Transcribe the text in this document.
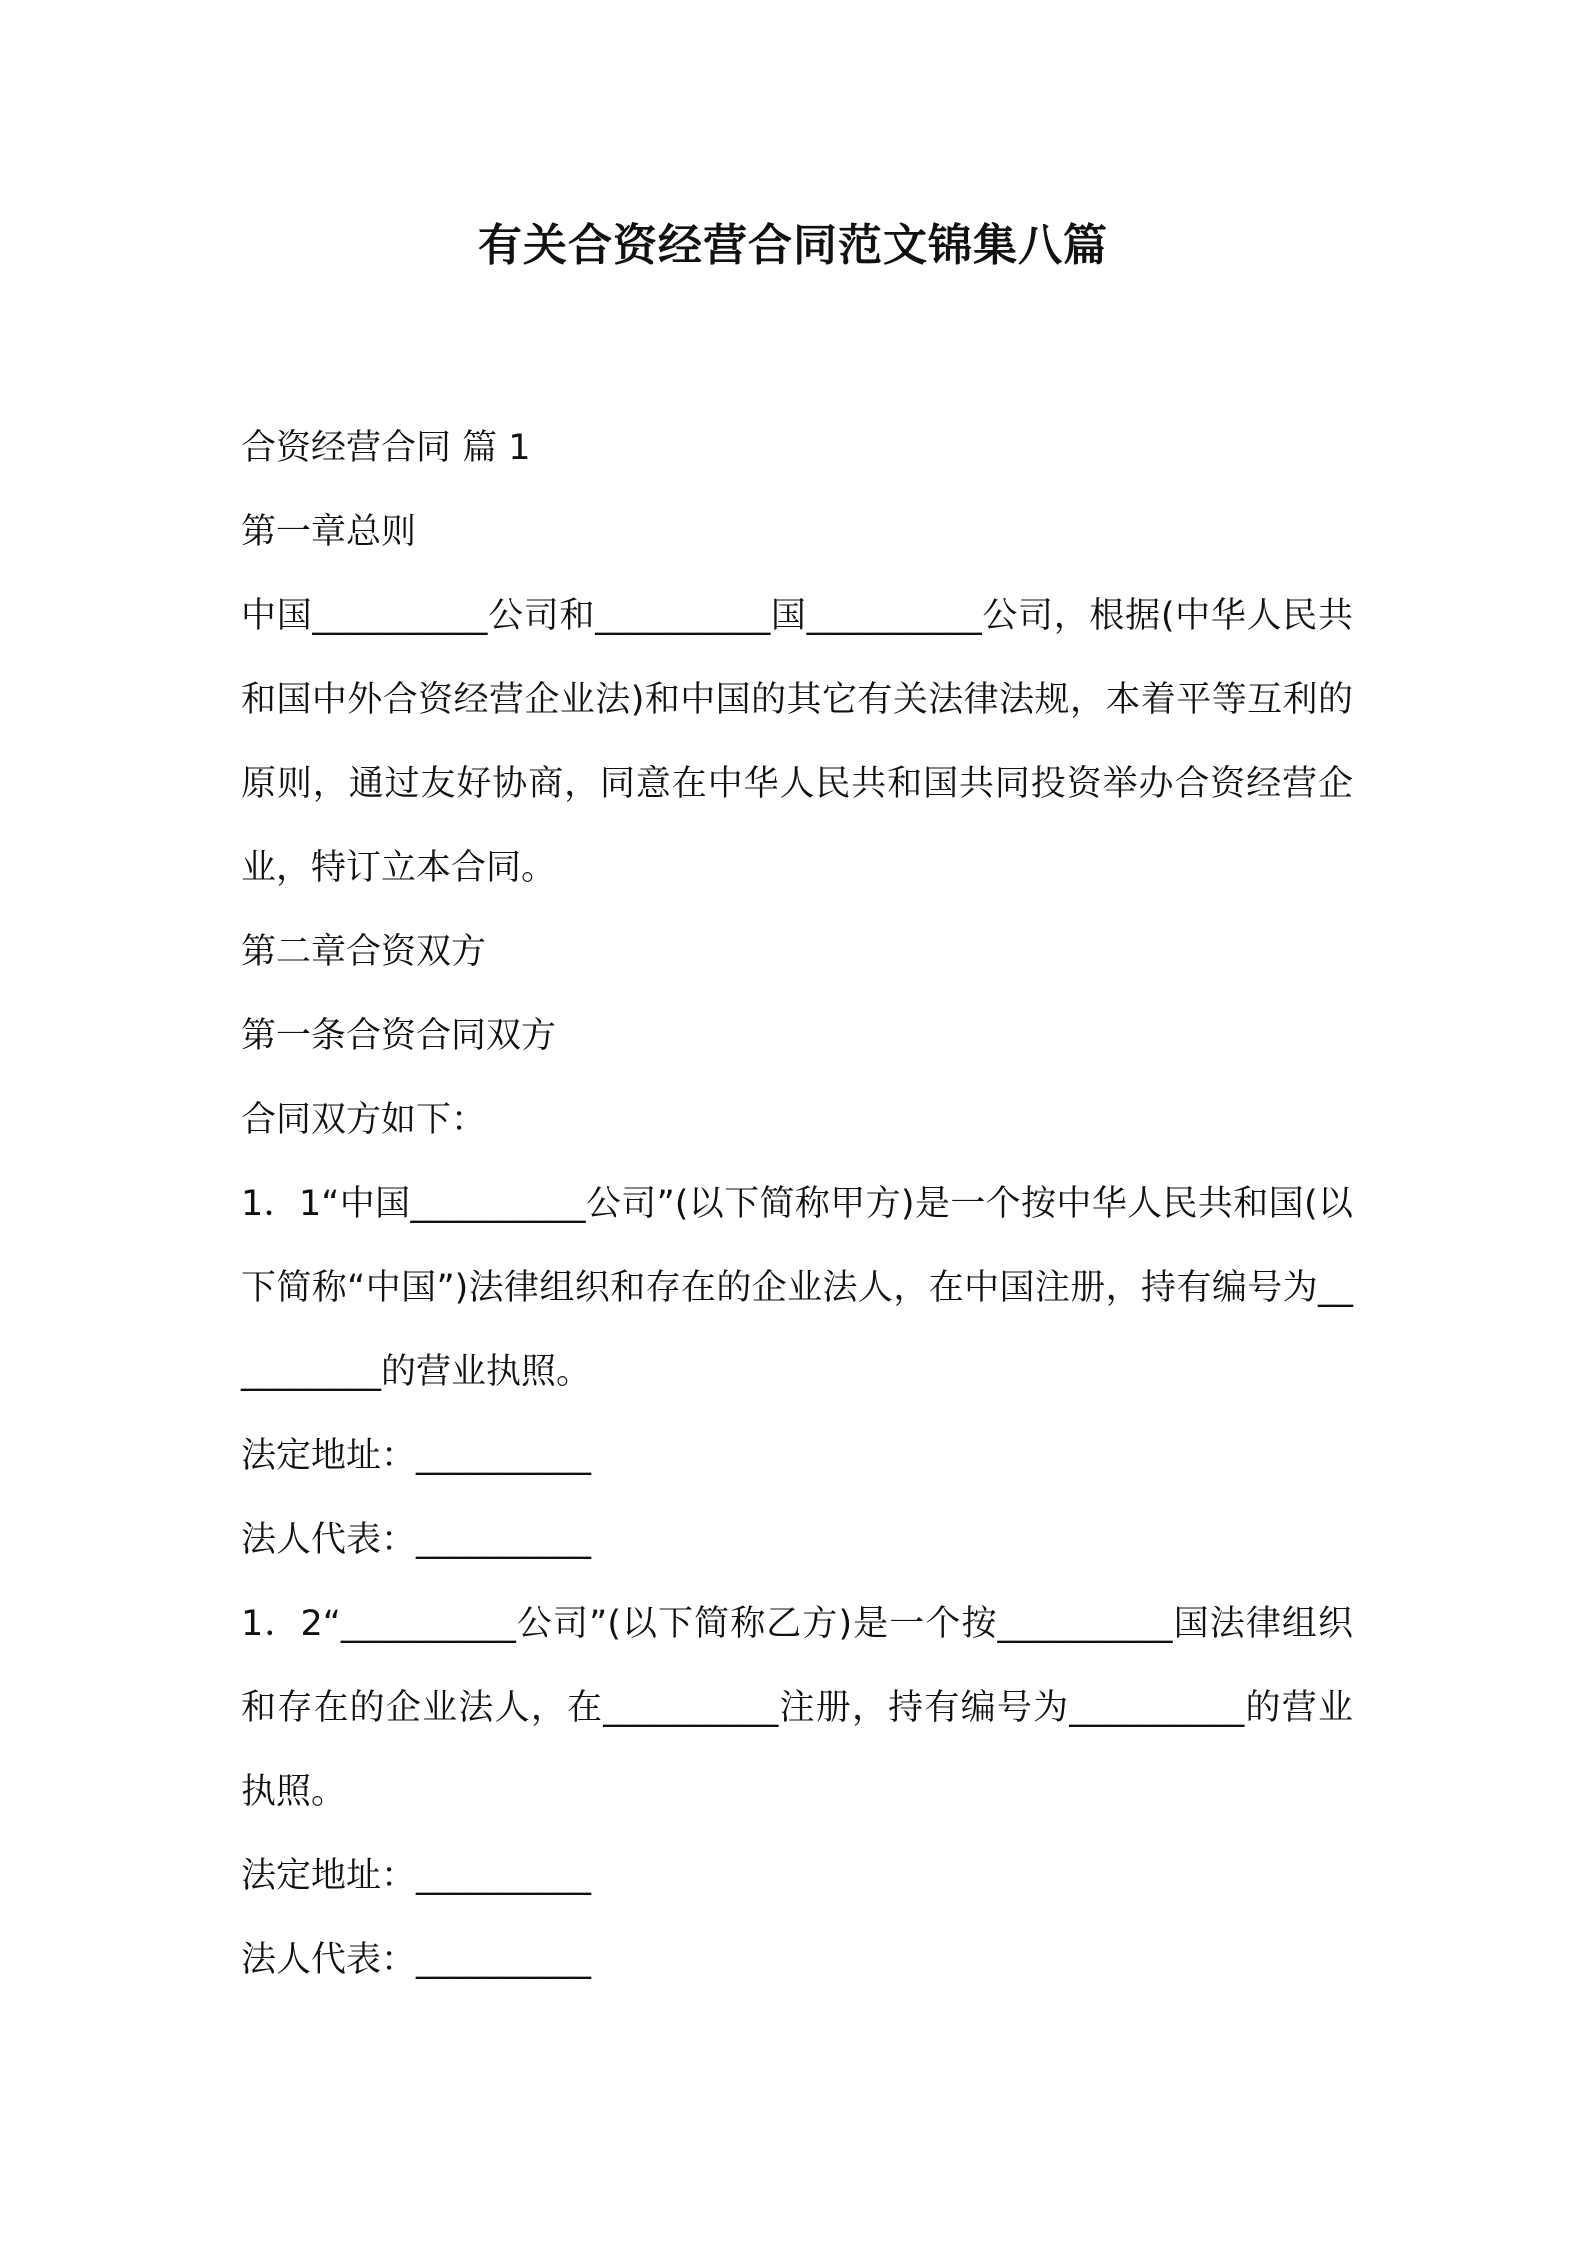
有关合资经营合同范文锦集八篇

合资经营合同 篇 1

第一章总则

中国__________公司和__________国__________公司，根据(中华人民共和国中外合资经营企业法)和中国的其它有关法律法规，本着平等互利的原则，通过友好协商，同意在中华人民共和国共同投资举办合资经营企业，特订立本合同。

第二章合资双方

第一条合资合同双方

合同双方如下：

1．1“中国__________公司”(以下简称甲方)是一个按中华人民共和国(以下简称“中国”)法律组织和存在的企业法人，在中国注册，持有编号为__________的营业执照。

法定地址：__________

法人代表：__________

1．2“__________公司”(以下简称乙方)是一个按__________国法律组织和存在的企业法人，在__________注册，持有编号为__________的营业执照。

法定地址：__________

法人代表：__________
